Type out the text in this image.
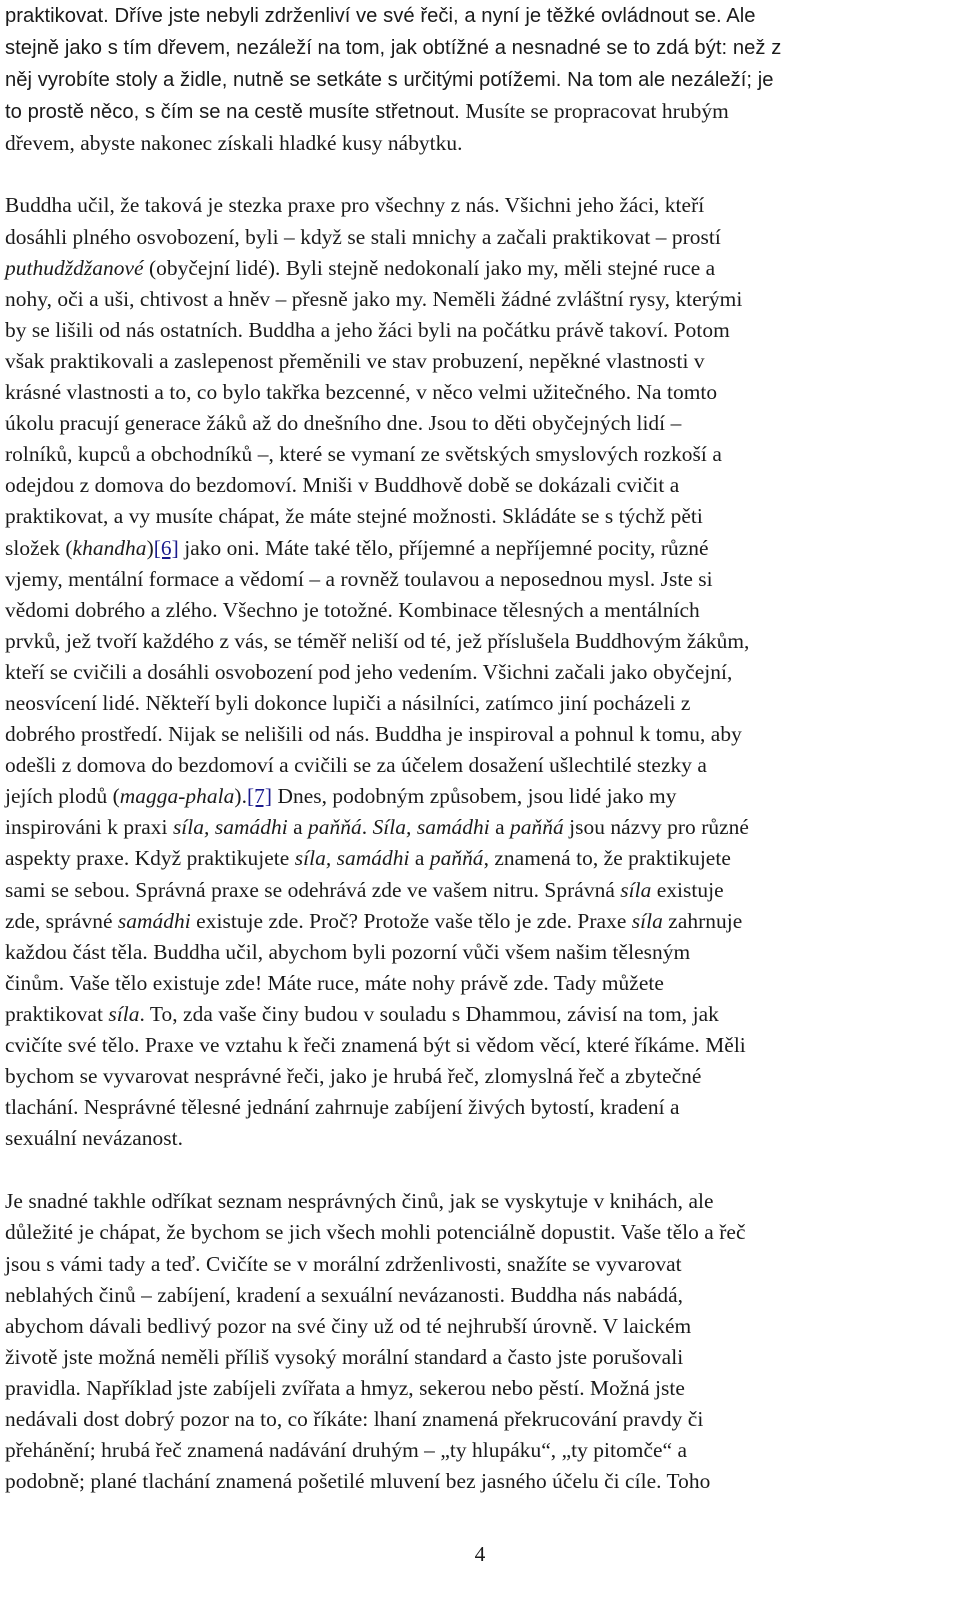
praktikovat. Dříve jste nebyli zdrženliví ve své řeči, a nyní je těžké ovládnout se. Ale
stejně jako s tím dřevem, nezáleží na tom, jak obtížné a nesnadné se to zdá být: než z
něj vyrobíte stoly a židle, nutně se setkáte s určitými potížemi. Na tom ale nezáleží; je
to prostě něco, s čím se na cestě musíte střetnout. Musíte se propracovat hrubým
dřevem, abyste nakonec získali hladké kusy nábytku.
Buddha učil, že taková je stezka praxe pro všechny z nás. Všichni jeho žáci, kteří
dosáhli plného osvobození, byli – když se stali mnichy a začali praktikovat – prostí
puthudždžanové (obyčejní lidé). Byli stejně nedokonalí jako my, měli stejné ruce a
nohy, oči a uši, chtivost a hněv – přesně jako my. Neměli žádné zvláštní rysy, kterými
by se lišili od nás ostatních. Buddha a jeho žáci byli na počátku právě takoví. Potom
však praktikovali a zaslepenost přeměnili ve stav probuzení, nepěkné vlastnosti v
krásné vlastnosti a to, co bylo takřka bezcenné, v něco velmi užitečného. Na tomto
úkolu pracují generace žáků až do dnešního dne. Jsou to děti obyčejných lidí –
rolníků, kupců a obchodníků –, které se vymaní ze světských smyslových rozkoší a
odejdou z domova do bezdomoví. Mniši v Buddhově době se dokázali cvičit a
praktikovat, a vy musíte chápat, že máte stejné možnosti. Skládáte se s týchž pěti
složek (khandha)[6] jako oni. Máte také tělo, příjemné a nepříjemné pocity, různé
vjemy, mentální formace a vědomí – a rovněž toulavou a neposednou mysl. Jste si
vědomi dobrého a zlého. Všechno je totožné. Kombinace tělesných a mentálních
prvků, jež tvoří každého z vás, se téměř neliší od té, jež příslušela Buddhovým žákům,
kteří se cvičili a dosáhli osvobození pod jeho vedením. Všichni začali jako obyčejní,
neosvícení lidé. Někteří byli dokonce lupiči a násilníci, zatímco jiní pocházeli z
dobrého prostředí. Nijak se nelišili od nás. Buddha je inspiroval a pohnul k tomu, aby
odešli z domova do bezdomoví a cvičili se za účelem dosažení ušlechtilé stezky a
jejích plodů (magga-phala).[7] Dnes, podobným způsobem, jsou lidé jako my
inspirováni k praxi síla, samádhi a paňňá. Síla, samádhi a paňňá jsou názvy pro různé
aspekty praxe. Když praktikujete síla, samádhi a paňňá, znamená to, že praktikujete
sami se sebou. Správná praxe se odehrává zde ve vašem nitru. Správná síla existuje
zde, správné samádhi existuje zde. Proč? Protože vaše tělo je zde. Praxe síla zahrnuje
každou část těla. Buddha učil, abychom byli pozorní vůči všem našim tělesným
činům. Vaše tělo existuje zde! Máte ruce, máte nohy právě zde. Tady můžete
praktikovat síla. To, zda vaše činy budou v souladu s Dhammou, závisí na tom, jak
cvičíte své tělo. Praxe ve vztahu k řeči znamená být si vědom věcí, které říkáme. Měli
bychom se vyvarovat nesprávné řeči, jako je hrubá řeč, zlomyslná řeč a zbytečné
tlachání. Nesprávné tělesné jednání zahrnuje zabíjení živých bytostí, kradení a
sexuální nevázanost.
Je snadné takhle odříkat seznam nesprávných činů, jak se vyskytuje v knihách, ale
důležité je chápat, že bychom se jich všech mohli potenciálně dopustit. Vaše tělo a řeč
jsou s vámi tady a teď. Cvičíte se v morální zdrženlivosti, snažíte se vyvarovat
neblahých činů – zabíjení, kradení a sexuální nevázanosti. Buddha nás nabádá,
abychom dávali bedlivý pozor na své činy už od té nejhrubší úrovně. V laickém
životě jste možná neměli příliš vysoký morální standard a často jste porušovali
pravidla. Například jste zabíjeli zvířata a hmyz, sekerou nebo pěstí. Možná jste
nedávali dost dobrý pozor na to, co říkáte: lhaní znamená překrucování pravdy či
přehánění; hrubá řeč znamená nadávání druhým – „ty hlupáku“, „ty pitomče“ a
podobně; plané tlachání znamená pošetilé mluvení bez jasného účelu či cíle. Toho
4
